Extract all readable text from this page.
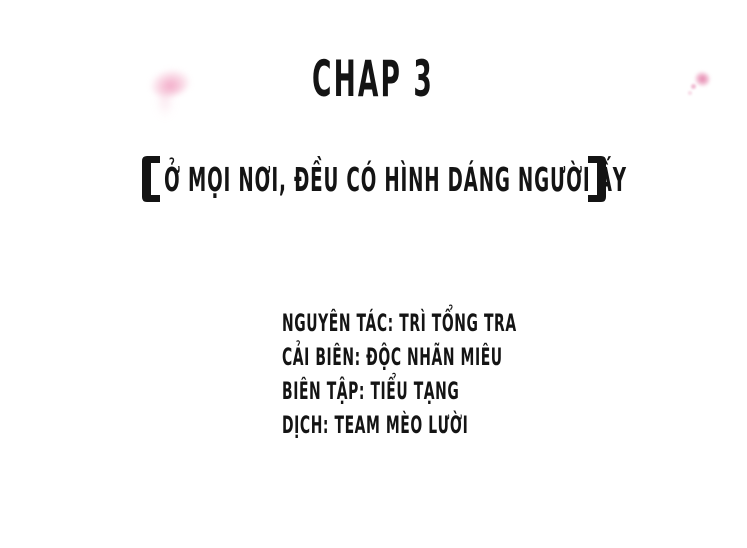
CHAP 3
Ở MỌI NƠI, ĐỀU CÓ HÌNH DÁNG NGƯỜI ẤY
NGUYÊN TÁC: TRÌ TỔNG TRA
CẢI BIÊN: ĐỘC NHÃN MIÊU
BIÊN TẬP: TIỂU TẠNG
DỊCH: TEAM MÈO LƯỜI
